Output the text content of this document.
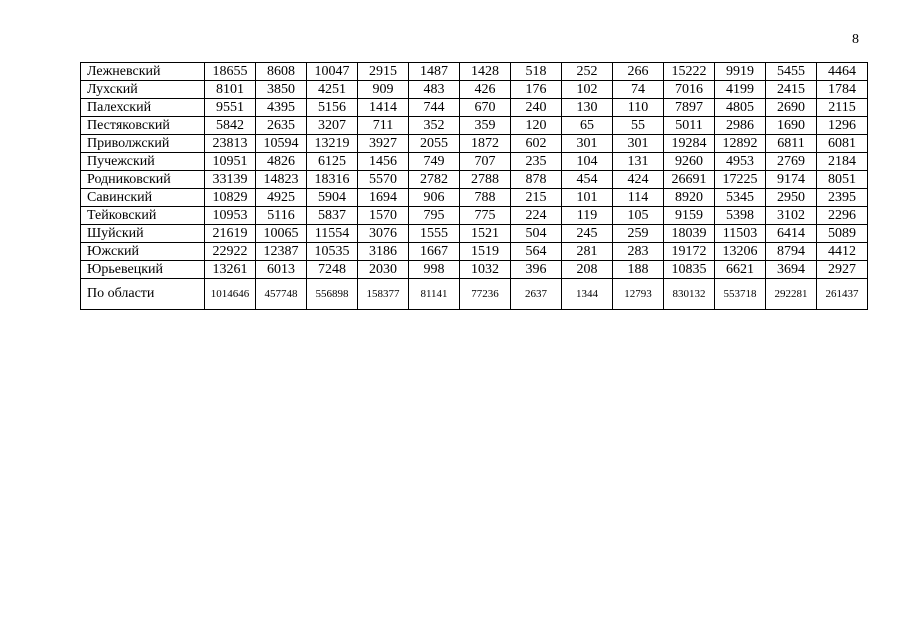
8
Лежневский	18655	8608	10047	2915	1487	1428	518	252	266	15222	9919	5455	4464
Лухский	8101	3850	4251	909	483	426	176	102	74	7016	4199	2415	1784
Палехский	9551	4395	5156	1414	744	670	240	130	110	7897	4805	2690	2115
Пестяковский	5842	2635	3207	711	352	359	120	65	55	5011	2986	1690	1296
Приволжский	23813	10594	13219	3927	2055	1872	602	301	301	19284	12892	6811	6081
Пучежский	10951	4826	6125	1456	749	707	235	104	131	9260	4953	2769	2184
Родниковский	33139	14823	18316	5570	2782	2788	878	454	424	26691	17225	9174	8051
Савинский	10829	4925	5904	1694	906	788	215	101	114	8920	5345	2950	2395
Тейковский	10953	5116	5837	1570	795	775	224	119	105	9159	5398	3102	2296
Шуйский	21619	10065	11554	3076	1555	1521	504	245	259	18039	11503	6414	5089
Южский	22922	12387	10535	3186	1667	1519	564	281	283	19172	13206	8794	4412
Юрьевецкий	13261	6013	7248	2030	998	1032	396	208	188	10835	6621	3694	2927
По области	1014646	457748	556898	158377	81141	77236	2637	1344	12793	830132	553718	292281	261437
